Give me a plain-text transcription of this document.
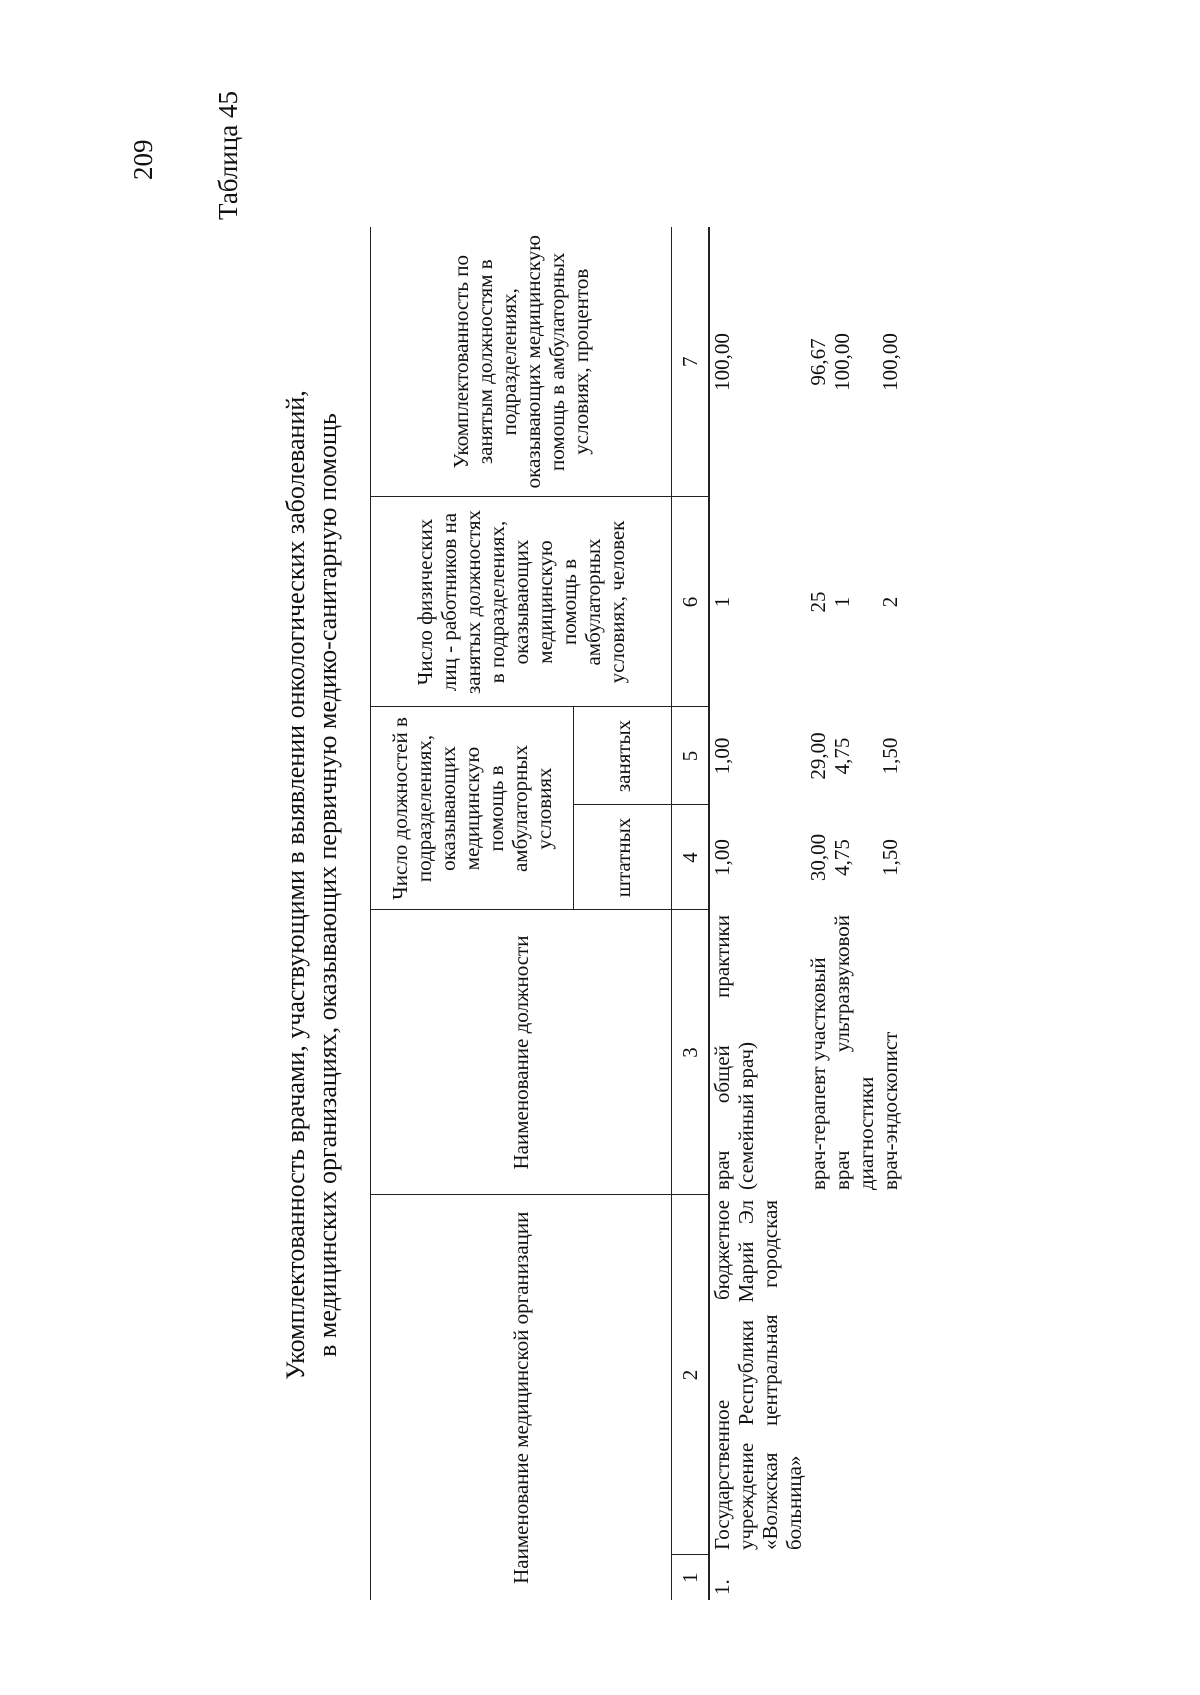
209 Таблица 45
Укомплектованность врачами, участвующими в выявлении онкологических заболеваний, в медицинских организациях, оказывающих первичную медико-санитарную помощь
Наименование медицинской организации		Наименование должности	Число должностей в подразделениях, оказывающих медицинскую помощь в амбулаторных условиях		Число физических лиц - работников на занятых должностях в подразделениях, оказывающих медицинскую помощь в амбулаторных условиях, человек	Укомплектованность по занятым должностям в подразделениях, оказывающих медицинскую помощь в амбулаторных условиях, процентов
			штатных	занятых		
1	2	3	4	5	6	7
1.	Государственное бюджетное учреждение Республики Марий Эл «Волжская центральная городская больница»	врач общей практики (семейный врач)	1,00	1,00	1	100,00
		врач-терапевт участковый	30,00	29,00	25	96,67
		врач ультразвуковой диагностики	4,75	4,75	1	100,00
		врач-эндоскопист	1,50	1,50	2	100,00
